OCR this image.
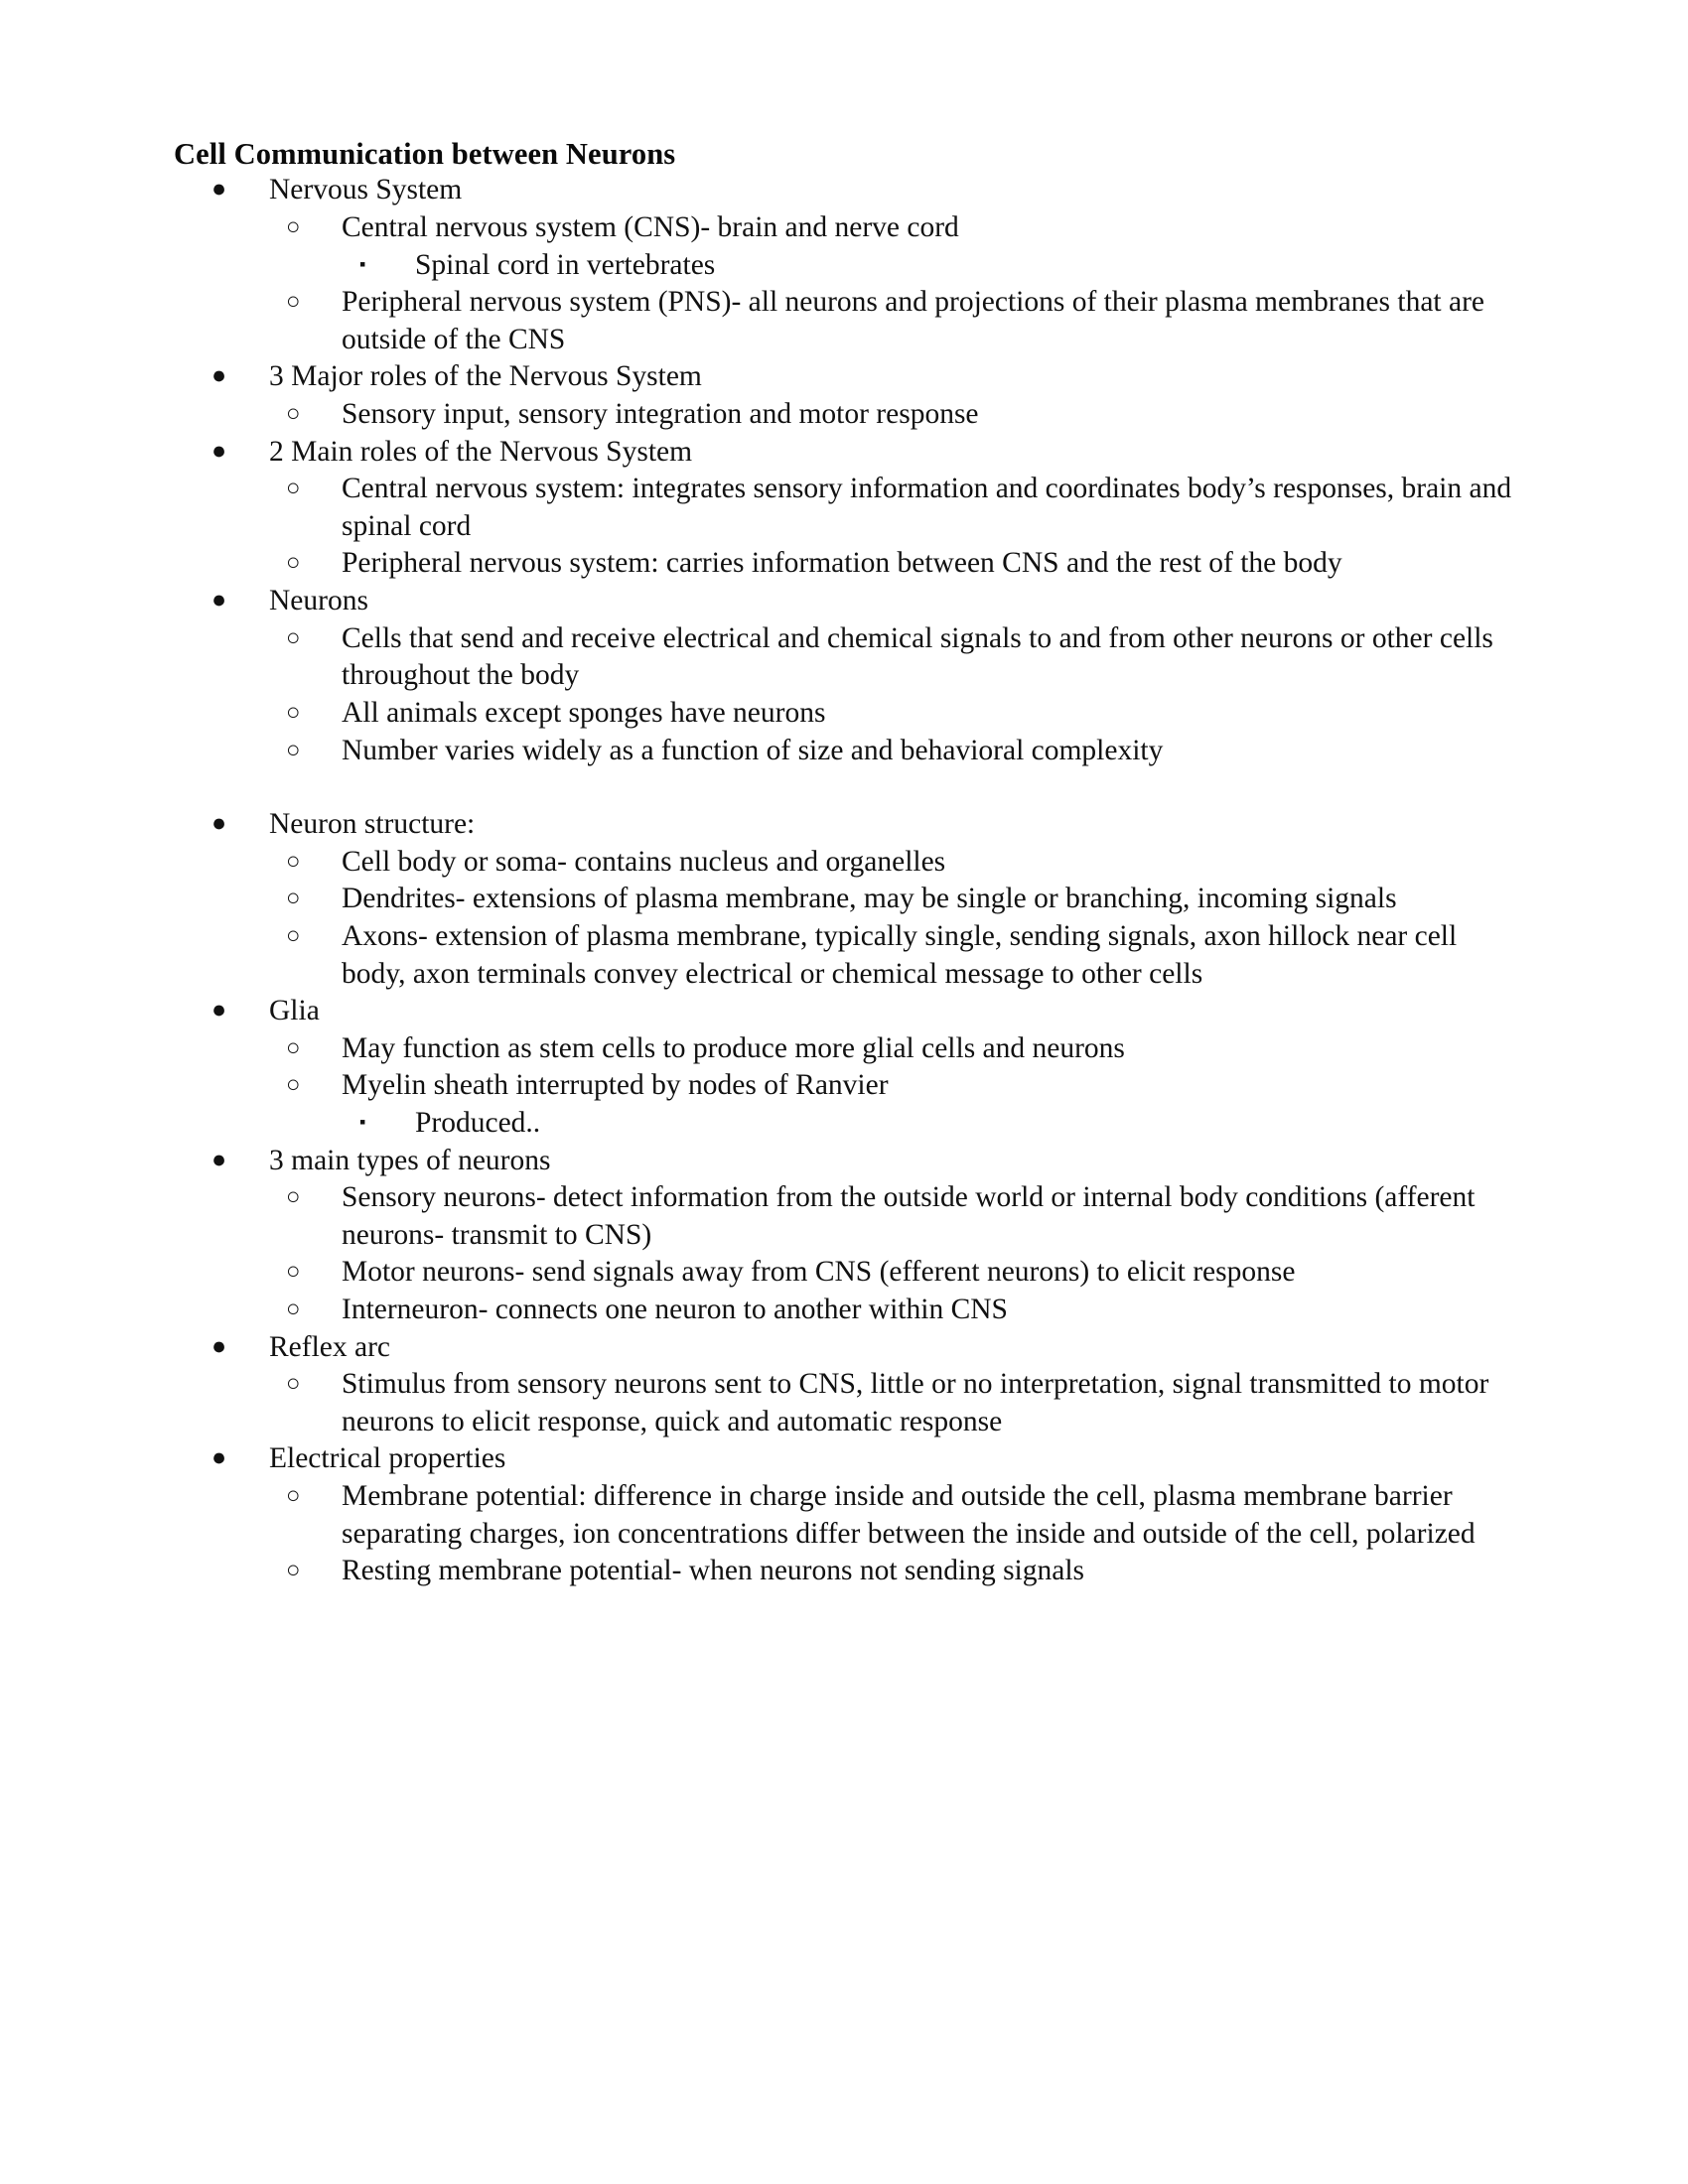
Cell Communication between Neurons
● Nervous System
○ Central nervous system (CNS)- brain and nerve cord
▪ Spinal cord in vertebrates
○ Peripheral nervous system (PNS)- all neurons and projections of their plasma membranes that are outside of the CNS
● 3 Major roles of the Nervous System
○ Sensory input, sensory integration and motor response
● 2 Main roles of the Nervous System
○ Central nervous system: integrates sensory information and coordinates body’s responses, brain and spinal cord
○ Peripheral nervous system: carries information between CNS and the rest of the body
● Neurons
○ Cells that send and receive electrical and chemical signals to and from other neurons or other cells throughout the body
○ All animals except sponges have neurons
○ Number varies widely as a function of size and behavioral complexity
● Neuron structure:
○ Cell body or soma- contains nucleus and organelles
○ Dendrites- extensions of plasma membrane, may be single or branching, incoming signals
○ Axons- extension of plasma membrane, typically single, sending signals, axon hillock near cell body, axon terminals convey electrical or chemical message to other cells
● Glia
○ May function as stem cells to produce more glial cells and neurons
○ Myelin sheath interrupted by nodes of Ranvier
▪ Produced..
● 3 main types of neurons
○ Sensory neurons- detect information from the outside world or internal body conditions (afferent neurons- transmit to CNS)
○ Motor neurons- send signals away from CNS (efferent neurons) to elicit response
○ Interneuron- connects one neuron to another within CNS
● Reflex arc
○ Stimulus from sensory neurons sent to CNS, little or no interpretation, signal transmitted to motor neurons to elicit response, quick and automatic response
● Electrical properties
○ Membrane potential: difference in charge inside and outside the cell, plasma membrane barrier separating charges, ion concentrations differ between the inside and outside of the cell, polarized
○ Resting membrane potential- when neurons not sending signals
